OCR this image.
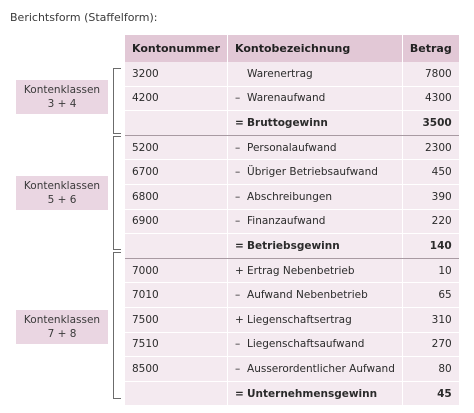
Berichtsform (Staffelform):
Kontenklassen
3 + 4
Kontenklassen
5 + 6
Kontenklassen
7 + 8
Kontonummer	Kontobezeichnung	Betrag
3200	Warenertrag	7800
4200	– Warenaufwand	4300
	= Bruttogewinn	3500
5200	– Personalaufwand	2300
6700	– Übriger Betriebsaufwand	450
6800	– Abschreibungen	390
6900	– Finanzaufwand	220
	= Betriebsgewinn	140
7000	+ Ertrag Nebenbetrieb	10
7010	– Aufwand Nebenbetrieb	65
7500	+ Liegenschaftsertrag	310
7510	– Liegenschaftsaufwand	270
8500	– Ausserordentlicher Aufwand	80
	= Unternehmensgewinn	45
